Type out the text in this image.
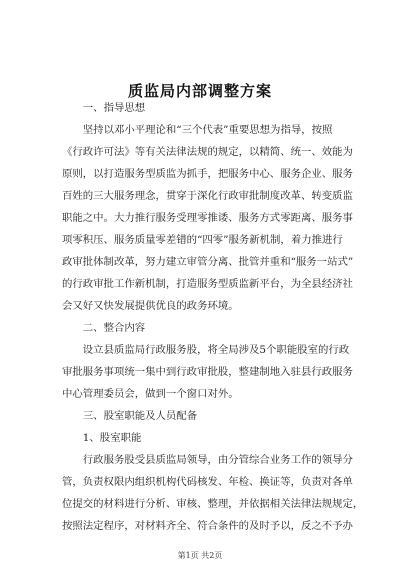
质监局内部调整方案
一、指导思想
坚持以邓小平理论和“三个代表”重要思想为指导，按照
《行政许可法》等有关法律法规的规定，以精简、统一、效能为
原则，以打造服务型质监为抓手，把服务中心、服务企业、服务
百姓的三大服务理念，贯穿于深化行政审批制度改革、转变质监
职能之中。大力推行服务受理零推诿、服务方式零距离、服务事
项零积压、服务质量零差错的“四零”服务新机制，着力推进行
政审批体制改革，努力建立审管分离、批管并重和“服务一站式”
的行政审批工作新机制，打造服务型质监新平台，为全县经济社
会又好又快发展提供优良的政务环境。
二、整合内容
设立县质监局行政服务股，将全局涉及5个职能股室的行政
审批服务事项统一集中到行政审批股，整建制地入驻县行政服务
中心管理委员会，做到一个窗口对外。
三、股室职能及人员配备
1、股室职能
行政服务股受县质监局领导，由分管综合业务工作的领导分
管，负责权限内组织机构代码核发、年检、换证等，负责对各单
位提交的材料进行分析、审核、整理，并依据相关法律法规规定，
按照法定程序，对材料齐全、符合条件的及时予以，反之不予办
第1页 共2页
